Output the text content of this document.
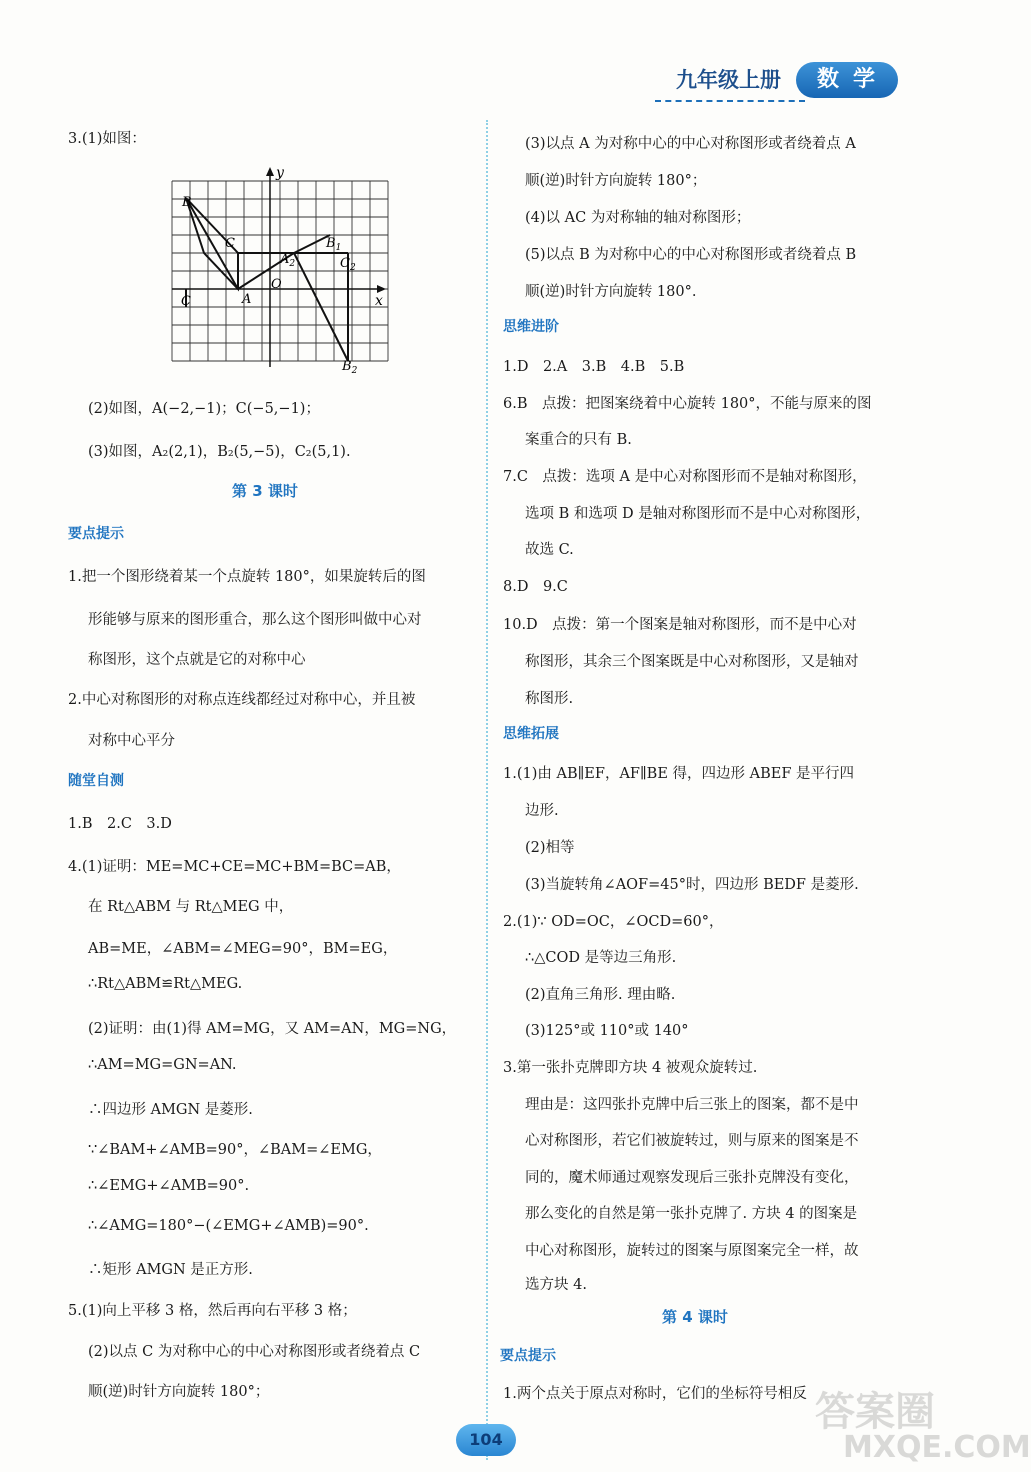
九年级上册	数学
3.(1)如图：
y
x
O
B
C
C	A
$A_2$
$B_1$
$C_2$
$B_2$
(2)如图，A(−2,−1)；C(−5,−1)；
(3)如图，A₂(2,1)，B₂(5,−5)，C₂(5,1).
第 3 课时
要点提示
1.把一个图形绕着某一个点旋转 180°，如果旋转后的图
形能够与原来的图形重合，那么这个图形叫做中心对
称图形，这个点就是它的对称中心
2.中心对称图形的对称点连线都经过对称中心，并且被
对称中心平分
随堂自测
1.B　2.C　3.D
4.(1)证明：ME=MC+CE=MC+BM=BC=AB，
在 Rt△ABM 与 Rt△MEG 中，
AB=ME，∠ABM=∠MEG=90°，BM=EG，
∴Rt△ABM≌Rt△MEG.
(2)证明：由(1)得 AM=MG，又 AM=AN，MG=NG，
∴AM=MG=GN=AN.
∴四边形 AMGN 是菱形.
∵∠BAM+∠AMB=90°，∠BAM=∠EMG，
∴∠EMG+∠AMB=90°.
∴∠AMG=180°−(∠EMG+∠AMB)=90°.
∴矩形 AMGN 是正方形.
5.(1)向上平移 3 格，然后再向右平移 3 格；
(2)以点 C 为对称中心的中心对称图形或者绕着点 C
顺(逆)时针方向旋转 180°；
(3)以点 A 为对称中心的中心对称图形或者绕着点 A
顺(逆)时针方向旋转 180°；
(4)以 AC 为对称轴的轴对称图形；
(5)以点 B 为对称中心的中心对称图形或者绕着点 B
顺(逆)时针方向旋转 180°.
思维进阶
1.D　2.A　3.B　4.B　5.B
6.B　点拨：把图案绕着中心旋转 180°，不能与原来的图
案重合的只有 B.
7.C　点拨：选项 A 是中心对称图形而不是轴对称图形，
选项 B 和选项 D 是轴对称图形而不是中心对称图形，
故选 C.
8.D　9.C
10.D　点拨：第一个图案是轴对称图形，而不是中心对
称图形，其余三个图案既是中心对称图形，又是轴对
称图形.
思维拓展
1.(1)由 AB∥EF，AF∥BE 得，四边形 ABEF 是平行四
边形.
(2)相等
(3)当旋转角∠AOF=45°时，四边形 BEDF 是菱形.
2.(1)∵ OD=OC，∠OCD=60°，
∴△COD 是等边三角形.
(2)直角三角形. 理由略.
(3)125°或 110°或 140°
3.第一张扑克牌即方块 4 被观众旋转过.
理由是：这四张扑克牌中后三张上的图案，都不是中
心对称图形，若它们被旋转过，则与原来的图案是不
同的，魔术师通过观察发现后三张扑克牌没有变化，
那么变化的自然是第一张扑克牌了. 方块 4 的图案是
中心对称图形，旋转过的图案与原图案完全一样，故
选方块 4.
第 4 课时
要点提示
1.两个点关于原点对称时，它们的坐标符号相反 答案圈
MXQE.COM
104
